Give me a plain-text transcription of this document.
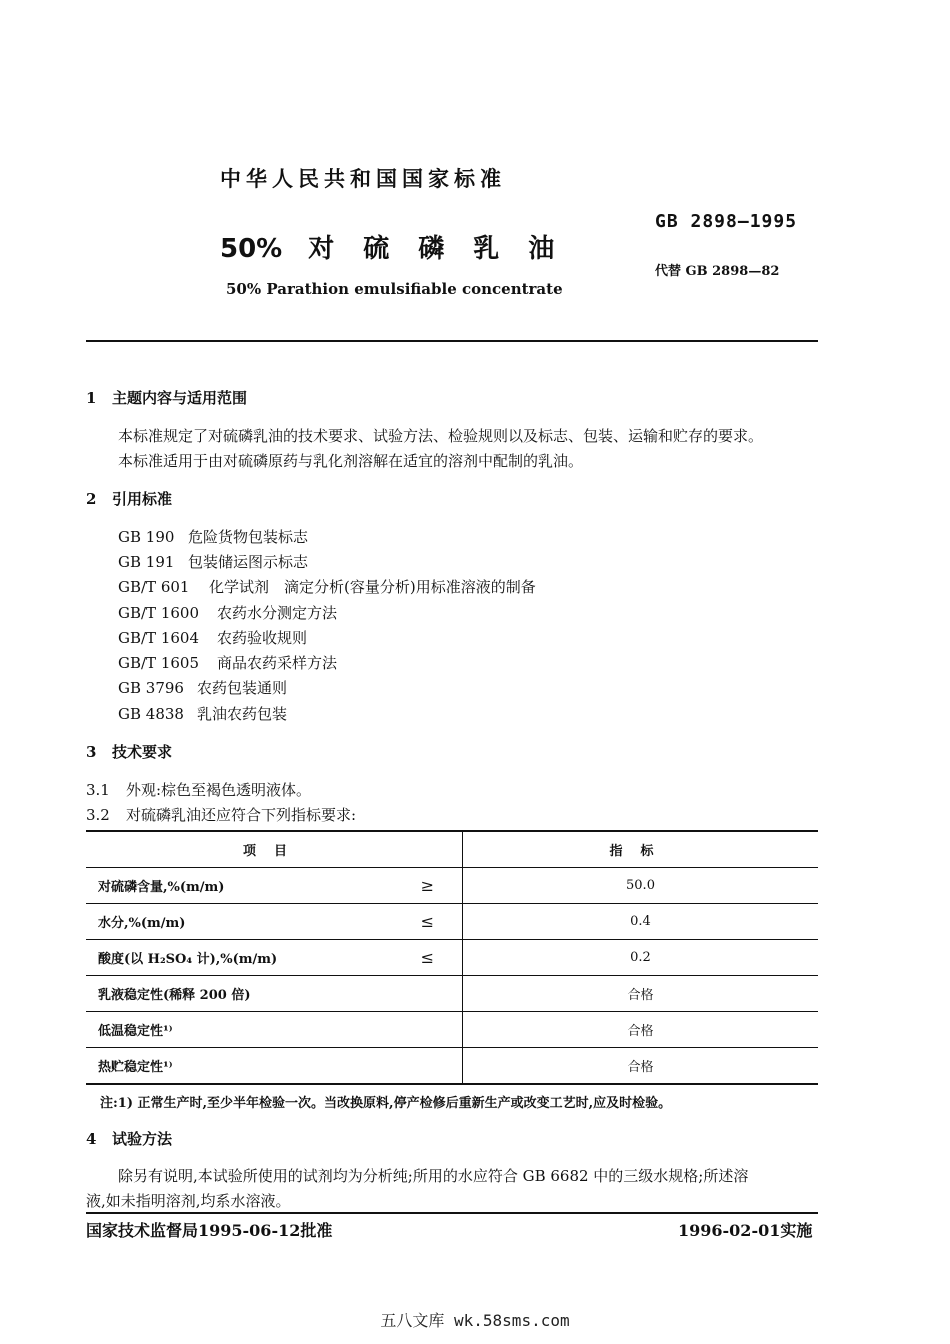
中华人民共和国国家标准
50% 对 硫 磷 乳 油
50% Parathion emulsifiable concentrate
GB 2898—1995
代替 GB 2898—82
1 主题内容与适用范围
本标准规定了对硫磷乳油的技术要求、试验方法、检验规则以及标志、包装、运输和贮存的要求。
本标准适用于由对硫磷原药与乳化剂溶解在适宜的溶剂中配制的乳油。
2 引用标准
GB 190 危险货物包装标志
GB 191 包装储运图示标志
GB/T 601 化学试剂　滴定分析(容量分析)用标准溶液的制备
GB/T 1600 农药水分测定方法
GB/T 1604 农药验收规则
GB/T 1605 商品农药采样方法
GB 3796 农药包装通则
GB 4838 乳油农药包装
3 技术要求
3.1 外观:棕色至褐色透明液体。
3.2 对硫磷乳油还应符合下列指标要求:
项目	指标
对硫磷含量,%(m/m) ≥	50.0
水分,%(m/m) ≤	0.4
酸度(以 H₂SO₄ 计),%(m/m) ≤	0.2
乳液稳定性(稀释 200 倍)	合格
低温稳定性¹⁾	合格
热贮稳定性¹⁾	合格
注:1) 正常生产时,至少半年检验一次。当改换原料,停产检修后重新生产或改变工艺时,应及时检验。
4 试验方法
除另有说明,本试验所使用的试剂均为分析纯;所用的水应符合 GB 6682 中的三级水规格;所述溶
液,如未指明溶剂,均系水溶液。
国家技术监督局1995-06-12批准	1996-02-01实施
五八文库 wk.58sms.com
